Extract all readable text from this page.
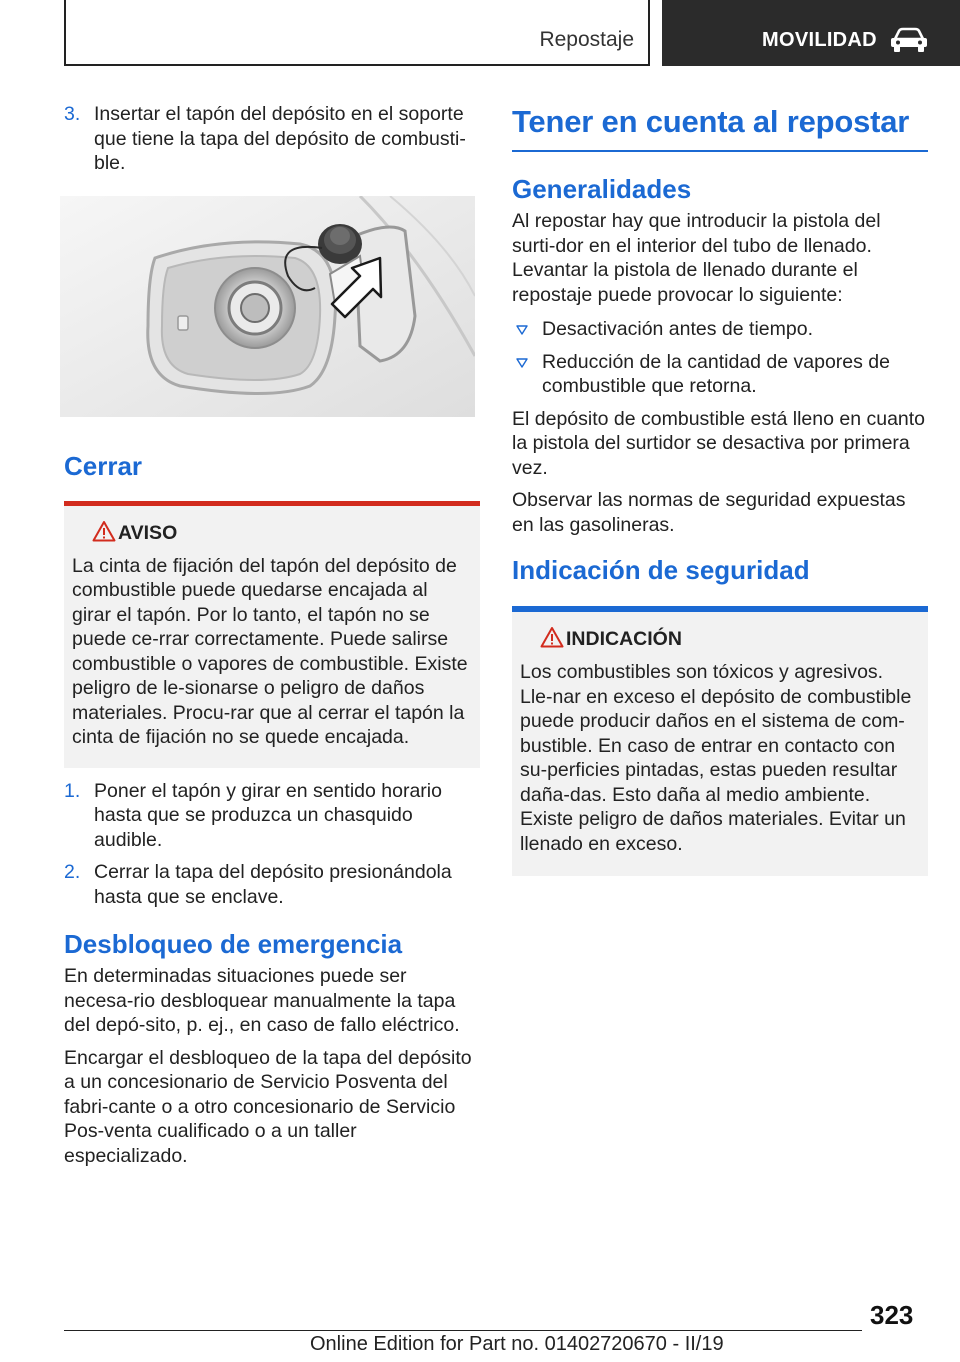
Repostaje	MOVILIDAD
3. Insertar el tapón del depósito en el soporte que tiene la tapa del depósito de combusti-ble.
Cerrar
AVISO
La cinta de fijación del tapón del depósito de combustible puede quedarse encajada al girar el tapón. Por lo tanto, el tapón no se puede ce-rrar correctamente. Puede salirse combustible o vapores de combustible. Existe peligro de le-sionarse o peligro de daños materiales. Procu-rar que al cerrar el tapón la cinta de fijación no se quede encajada.
1. Poner el tapón y girar en sentido horario hasta que se produzca un chasquido audible.
2. Cerrar la tapa del depósito presionándola hasta que se enclave.
Desbloqueo de emergencia

En determinadas situaciones puede ser necesa-rio desbloquear manualmente la tapa del depó-sito, p. ej., en caso de fallo eléctrico.

Encargar el desbloqueo de la tapa del depósito a un concesionario de Servicio Posventa del fabri-cante o a otro concesionario de Servicio Pos-venta cualificado o a un taller especializado.

Tener en cuenta al repostar
Generalidades

Al repostar hay que introducir la pistola del surti-dor en el interior del tubo de llenado. Levantar la pistola de llenado durante el repostaje puede provocar lo siguiente:

Desactivación antes de tiempo.
Reducción de la cantidad de vapores de combustible que retorna.

El depósito de combustible está lleno en cuanto la pistola del surtidor se desactiva por primera vez.

Observar las normas de seguridad expuestas en las gasolineras.

Indicación de seguridad
INDICACIÓN
Los combustibles son tóxicos y agresivos. Lle-nar en exceso el depósito de combustible puede producir daños en el sistema de com-bustible. En caso de entrar en contacto con su-perficies pintadas, estas pueden resultar daña-das. Esto daña al medio ambiente. Existe peligro de daños materiales. Evitar un llenado en exceso.
323
Online Edition for Part no. 01402720670 - II/19
